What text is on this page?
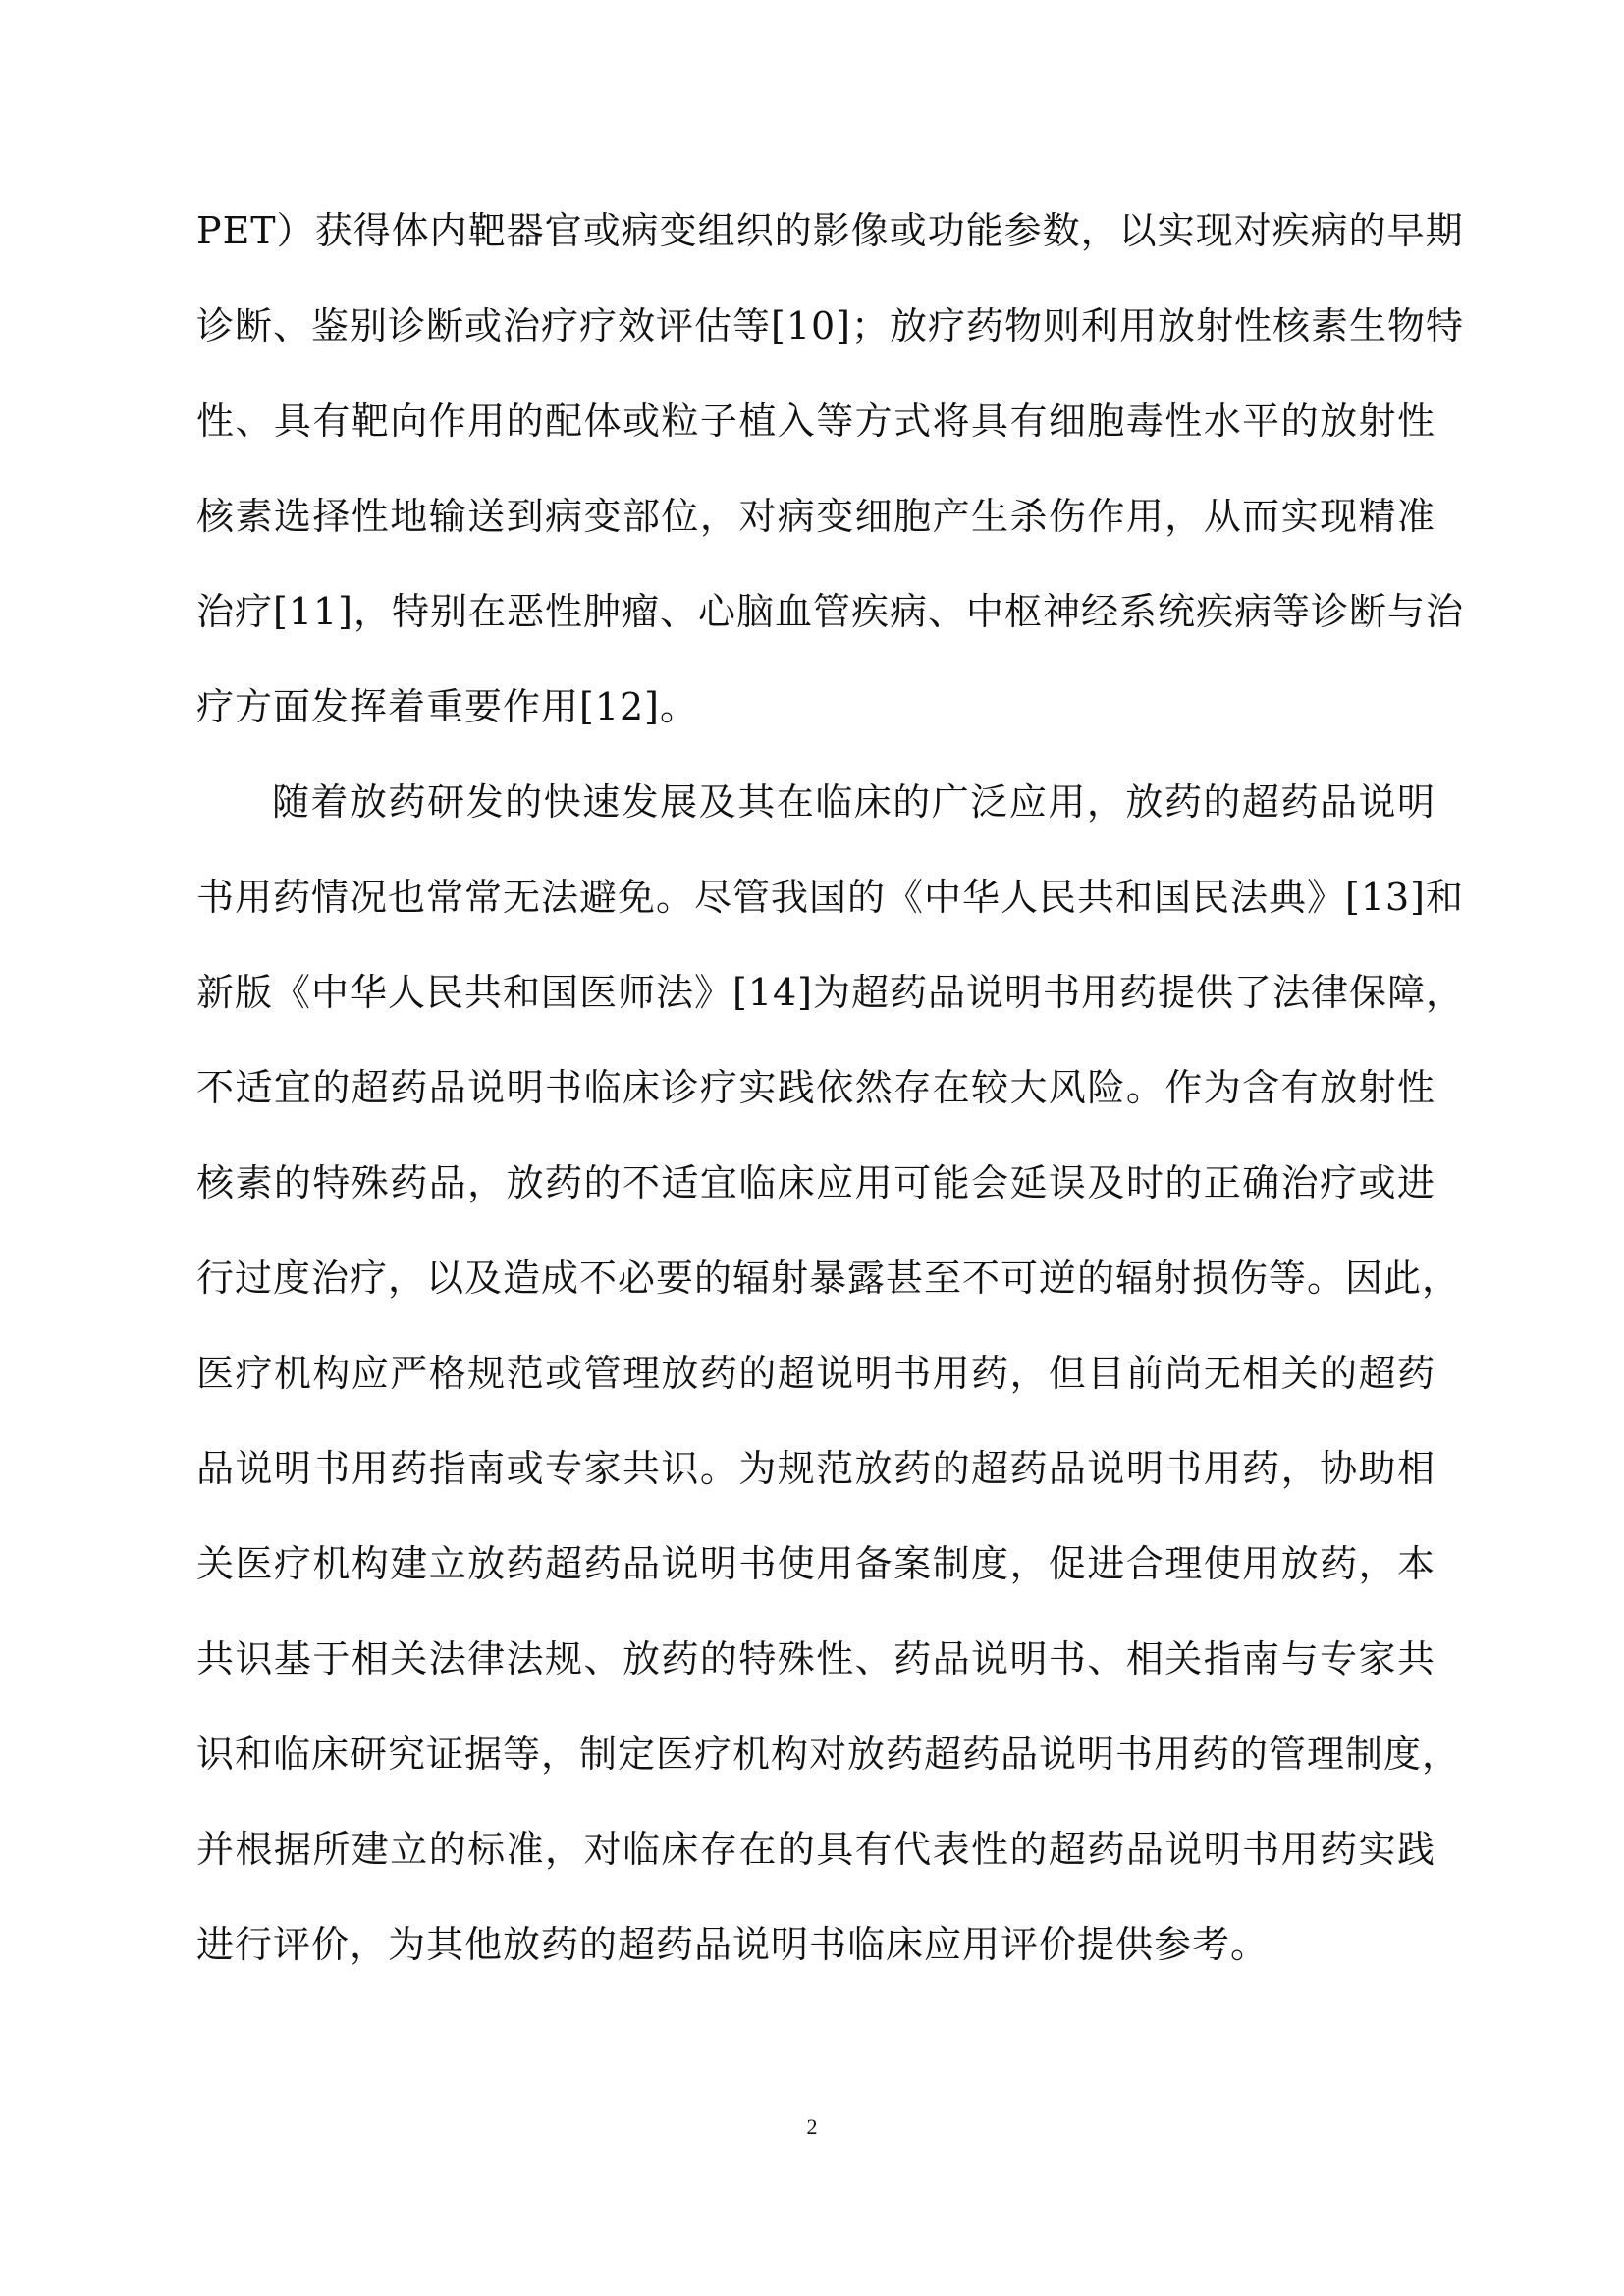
PET）获得体内靶器官或病变组织的影像或功能参数，以实现对疾病的早期
诊断、鉴别诊断或治疗疗效评估等[10]；放疗药物则利用放射性核素生物特
性、具有靶向作用的配体或粒子植入等方式将具有细胞毒性水平的放射性
核素选择性地输送到病变部位，对病变细胞产生杀伤作用，从而实现精准
治疗[11]，特别在恶性肿瘤、心脑血管疾病、中枢神经系统疾病等诊断与治
疗方面发挥着重要作用[12]。
随着放药研发的快速发展及其在临床的广泛应用，放药的超药品说明
书用药情况也常常无法避免。尽管我国的《中华人民共和国民法典》[13]和
新版《中华人民共和国医师法》[14]为超药品说明书用药提供了法律保障，
不适宜的超药品说明书临床诊疗实践依然存在较大风险。作为含有放射性
核素的特殊药品，放药的不适宜临床应用可能会延误及时的正确治疗或进
行过度治疗，以及造成不必要的辐射暴露甚至不可逆的辐射损伤等。因此，
医疗机构应严格规范或管理放药的超说明书用药，但目前尚无相关的超药
品说明书用药指南或专家共识。为规范放药的超药品说明书用药，协助相
关医疗机构建立放药超药品说明书使用备案制度，促进合理使用放药，本
共识基于相关法律法规、放药的特殊性、药品说明书、相关指南与专家共
识和临床研究证据等，制定医疗机构对放药超药品说明书用药的管理制度，
并根据所建立的标准，对临床存在的具有代表性的超药品说明书用药实践
进行评价，为其他放药的超药品说明书临床应用评价提供参考。
2
